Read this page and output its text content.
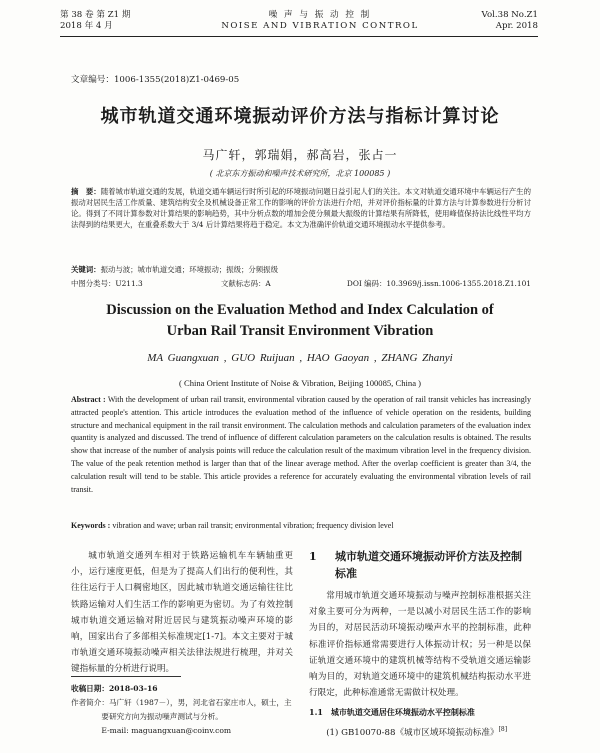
第 38 卷 第 Z1 期
2018 年 4 月
噪 声 与 振 动 控 制
NOISE AND VIBRATION CONTROL
Vol.38 No.Z1
Apr. 2018
文章编号：1006-1355(2018)Z1-0469-05
城市轨道交通环境振动评价方法与指标计算讨论
马广轩，郭瑞娟，郝高岩，张占一
( 北京东方振动和噪声技术研究所，北京 100085 )
摘　要：随着城市轨道交通的发展，轨道交通车辆运行时所引起的环境振动问题日益引起人们的关注。本文对轨道交通环境中车辆运行产生的振动对居民生活工作质量、建筑结构安全及机械设备正常工作的影响的评价方法进行介绍，并对评价指标量的计算方法与计算参数进行分析讨论。得到了不同计算参数对计算结果的影响趋势，其中分析点数的增加会使分频最大振级的计算结果有所降低，使用峰值保持法比线性平均方法得到的结果更大，在重叠系数大于 3/4 后计算结果将趋于稳定。本文为准确评价轨道交通环境振动水平提供参考。
关键词：振动与波；城市轨道交通；环境振动；振级；分频振级
中图分类号：U211.3	文献标志码：A	DOI 编码：10.3969/j.issn.1006-1355.2018.Z1.101
Discussion on the Evaluation Method and Index Calculation of
Urban Rail Transit Environment Vibration
MA Guangxuan , GUO Ruijuan , HAO Gaoyan , ZHANG Zhanyi
( China Orient Institute of Noise & Vibration, Beijing 100085, China )
Abstract : With the development of urban rail transit, environmental vibration caused by the operation of rail transit vehicles has increasingly attracted people's attention. This article introduces the evaluation method of the influence of vehicle operation on the residents, building structure and mechanical equipment in the rail transit environment. The calculation methods and calculation parameters of the evaluation index quantity is analyzed and discussed. The trend of influence of different calculation parameters on the calculation results is obtained. The results show that increase of the number of analysis points will reduce the calculation result of the maximum vibration level in the frequency division. The value of the peak retention method is larger than that of the linear average method. After the overlap coefficient is greater than 3/4, the calculation result will tend to be stable. This article provides a reference for accurately evaluating the environmental vibration levels of rail transit.
Keywords : vibration and wave; urban rail transit; environmental vibration; frequency division level

城市轨道交通列车相对于铁路运输机车车辆轴重更小，运行速度更低，但是为了提高人们出行的便利性，其往往运行于人口稠密地区，因此城市轨道交通运输往往比铁路运输对人们生活工作的影响更为密切。为了有效控制城市轨道交通运输对附近居民与建筑振动噪声环境的影响，国家出台了多部相关标准规定[1-7]。本文主要对于城市轨道交通环境振动噪声相关法律法规进行梳理，并对关键指标量的分析进行说明。

收稿日期：2018-03-16
作者简介：马广轩（1987－），男，河北省石家庄市人，硕士，主
要研究方向为振动噪声测试与分析。
E-mail: maguangxuan@coinv.com
1	城市轨道交通环境振动评价方法及控制标准
常用城市轨道交通环境振动与噪声控制标准根据关注对象主要可分为两种，一是以减小对居民生活工作的影响为目的，对居民活动环境振动噪声水平的控制标准，此种标准评价指标通常需要进行人体振动计权；另一种是以保证轨道交通环境中的建筑机械等结构不受轨道交通运输影响为目的，对轨道交通环境中的建筑机械结构振动水平进行限定，此种标准通常无需做计权处理。
1.1　城市轨道交通居住环境振动水平控制标准
(1) GB10070-88《城市区域环境振动标准》[8]
